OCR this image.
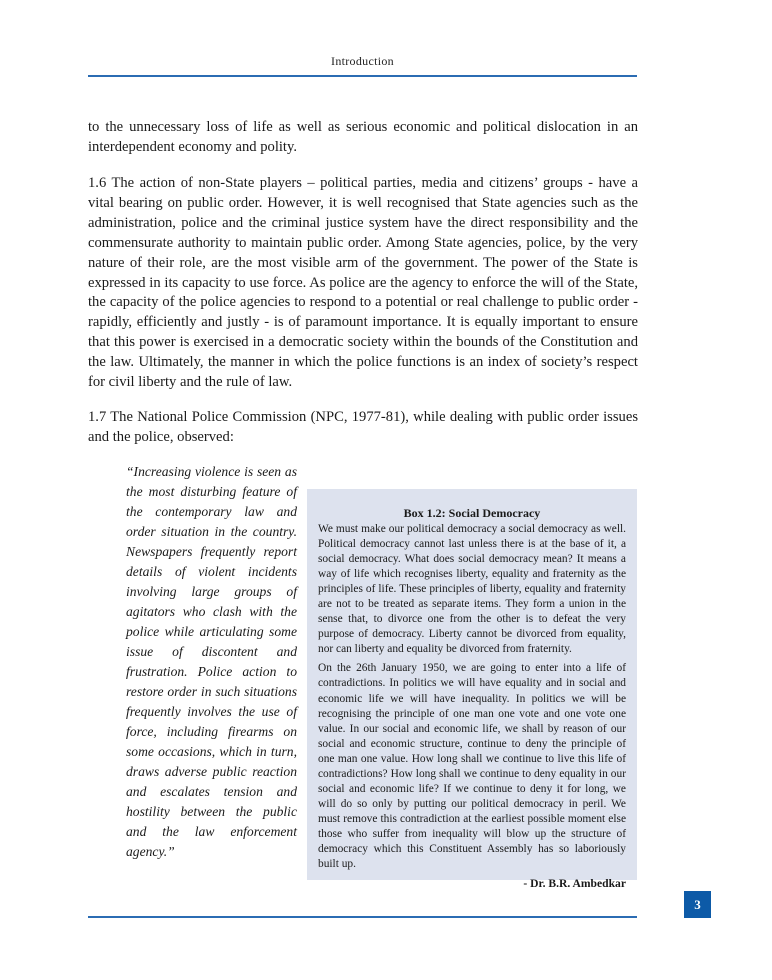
Introduction

to the unnecessary loss of life as well as serious economic and political dislocation in an interdependent economy and polity.

1.6 The action of non-State players – political parties, media and citizens’ groups - have a vital bearing on public order. However, it is well recognised that State agencies such as the administration, police and the criminal justice system have the direct responsibility and the commensurate authority to maintain public order. Among State agencies, police, by the very nature of their role, are the most visible arm of the government. The power of the State is expressed in its capacity to use force. As police are the agency to enforce the will of the State, the capacity of the police agencies to respond to a potential or real challenge to public order - rapidly, efficiently and justly - is of paramount importance. It is equally important to ensure that this power is exercised in a democratic society within the bounds of the Constitution and the law. Ultimately, the manner in which the police functions is an index of society’s respect for civil liberty and the rule of law.

1.7 The National Police Commission (NPC, 1977-81), while dealing with public order issues and the police, observed:

“Increasing violence is seen as the most disturbing feature of the contemporary law and order situation in the country. Newspapers frequently report details of violent incidents involving large groups of agitators who clash with the police while articulating some issue of discontent and frustration. Police action to restore order in such situations frequently involves the use of force, including firearms on some occasions, which in turn, draws adverse public reaction and escalates tension and hostility between the public and the law enforcement agency.”
Box 1.2: Social Democracy

We must make our political democracy a social democracy as well. Political democracy cannot last unless there is at the base of it, a social democracy. What does social democracy mean? It means a way of life which recognises liberty, equality and fraternity as the principles of life. These principles of liberty, equality and fraternity are not to be treated as separate items. They form a union in the sense that, to divorce one from the other is to defeat the very purpose of democracy. Liberty cannot be divorced from equality, nor can liberty and equality be divorced from fraternity.

On the 26th January 1950, we are going to enter into a life of contradictions. In politics we will have equality and in social and economic life we will have inequality. In politics we will be recognising the principle of one man one vote and one vote one value. In our social and economic life, we shall by reason of our social and economic structure, continue to deny the principle of one man one value. How long shall we continue to live this life of contradictions? How long shall we continue to deny equality in our social and economic life? If we continue to deny it for long, we will do so only by putting our political democracy in peril. We must remove this contradiction at the earliest possible moment else those who suffer from inequality will blow up the structure of democracy which this Constituent Assembly has so laboriously built up.

- Dr. B.R. Ambedkar
3
